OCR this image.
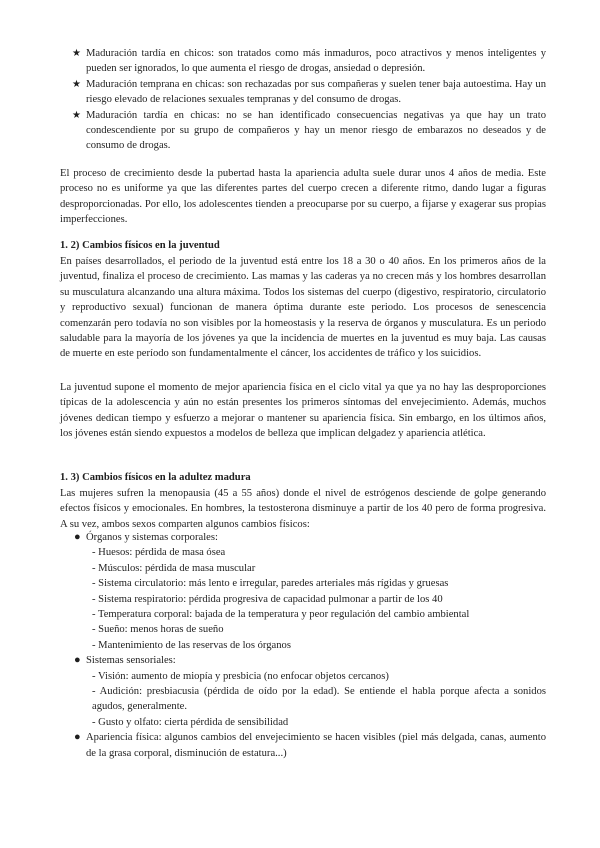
★ Maduración tardía en chicos: son tratados como más inmaduros, poco atractivos y menos inteligentes y pueden ser ignorados, lo que aumenta el riesgo de drogas, ansiedad o depresión.
★ Maduración temprana en chicas: son rechazadas por sus compañeras y suelen tener baja autoestima. Hay un riesgo elevado de relaciones sexuales tempranas y del consumo de drogas.
★ Maduración tardía en chicas: no se han identificado consecuencias negativas ya que hay un trato condescendiente por su grupo de compañeros y hay un menor riesgo de embarazos no deseados y de consumo de drogas.

El proceso de crecimiento desde la pubertad hasta la apariencia adulta suele durar unos 4 años de media. Este proceso no es uniforme ya que las diferentes partes del cuerpo crecen a diferente ritmo, dando lugar a figuras desproporcionadas. Por ello, los adolescentes tienden a preocuparse por su cuerpo, a fijarse y exagerar sus propias imperfecciones.

1. 2) Cambios físicos en la juventud

En países desarrollados, el periodo de la juventud está entre los 18 a 30 o 40 años. En los primeros años de la juventud, finaliza el proceso de crecimiento. Las mamas y las caderas ya no crecen más y los hombres desarrollan su musculatura alcanzando una altura máxima. Todos los sistemas del cuerpo (digestivo, respiratorio, circulatorio y reproductivo sexual) funcionan de manera óptima durante este periodo. Los procesos de senescencia comenzarán pero todavía no son visibles por la homeostasis y la reserva de órganos y musculatura. Es un periodo saludable para la mayoría de los jóvenes ya que la incidencia de muertes en la juventud es muy baja. Las causas de muerte en este período son fundamentalmente el cáncer, los accidentes de tráfico y los suicidios.

La juventud supone el momento de mejor apariencia física en el ciclo vital ya que ya no hay las desproporciones típicas de la adolescencia y aún no están presentes los primeros síntomas del envejecimiento. Además, muchos jóvenes dedican tiempo y esfuerzo a mejorar o mantener su apariencia física. Sin embargo, en los últimos años, los jóvenes están siendo expuestos a modelos de belleza que implican delgadez y apariencia atlética.

1. 3) Cambios físicos en la adultez madura

Las mujeres sufren la menopausia (45 a 55 años) donde el nivel de estrógenos desciende de golpe generando efectos físicos y emocionales. En hombres, la testosterona disminuye a partir de los 40 pero de forma progresiva. A su vez, ambos sexos comparten algunos cambios físicos:

● Órganos y sistemas corporales:
- Huesos: pérdida de masa ósea
- Músculos: pérdida de masa muscular
- Sistema circulatorio: más lento e irregular, paredes arteriales más rígidas y gruesas
- Sistema respiratorio: pérdida progresiva de capacidad pulmonar a partir de los 40
- Temperatura corporal: bajada de la temperatura y peor regulación del cambio ambiental
- Sueño: menos horas de sueño
- Mantenimiento de las reservas de los órganos
● Sistemas sensoriales:
- Visión: aumento de miopía y presbicia (no enfocar objetos cercanos)
- Audición: presbiacusia (pérdida de oído por la edad). Se entiende el habla porque afecta a sonidos agudos, generalmente.
- Gusto y olfato: cierta pérdida de sensibilidad
● Apariencia física: algunos cambios del envejecimiento se hacen visibles (piel más delgada, canas, aumento de la grasa corporal, disminución de estatura...)
